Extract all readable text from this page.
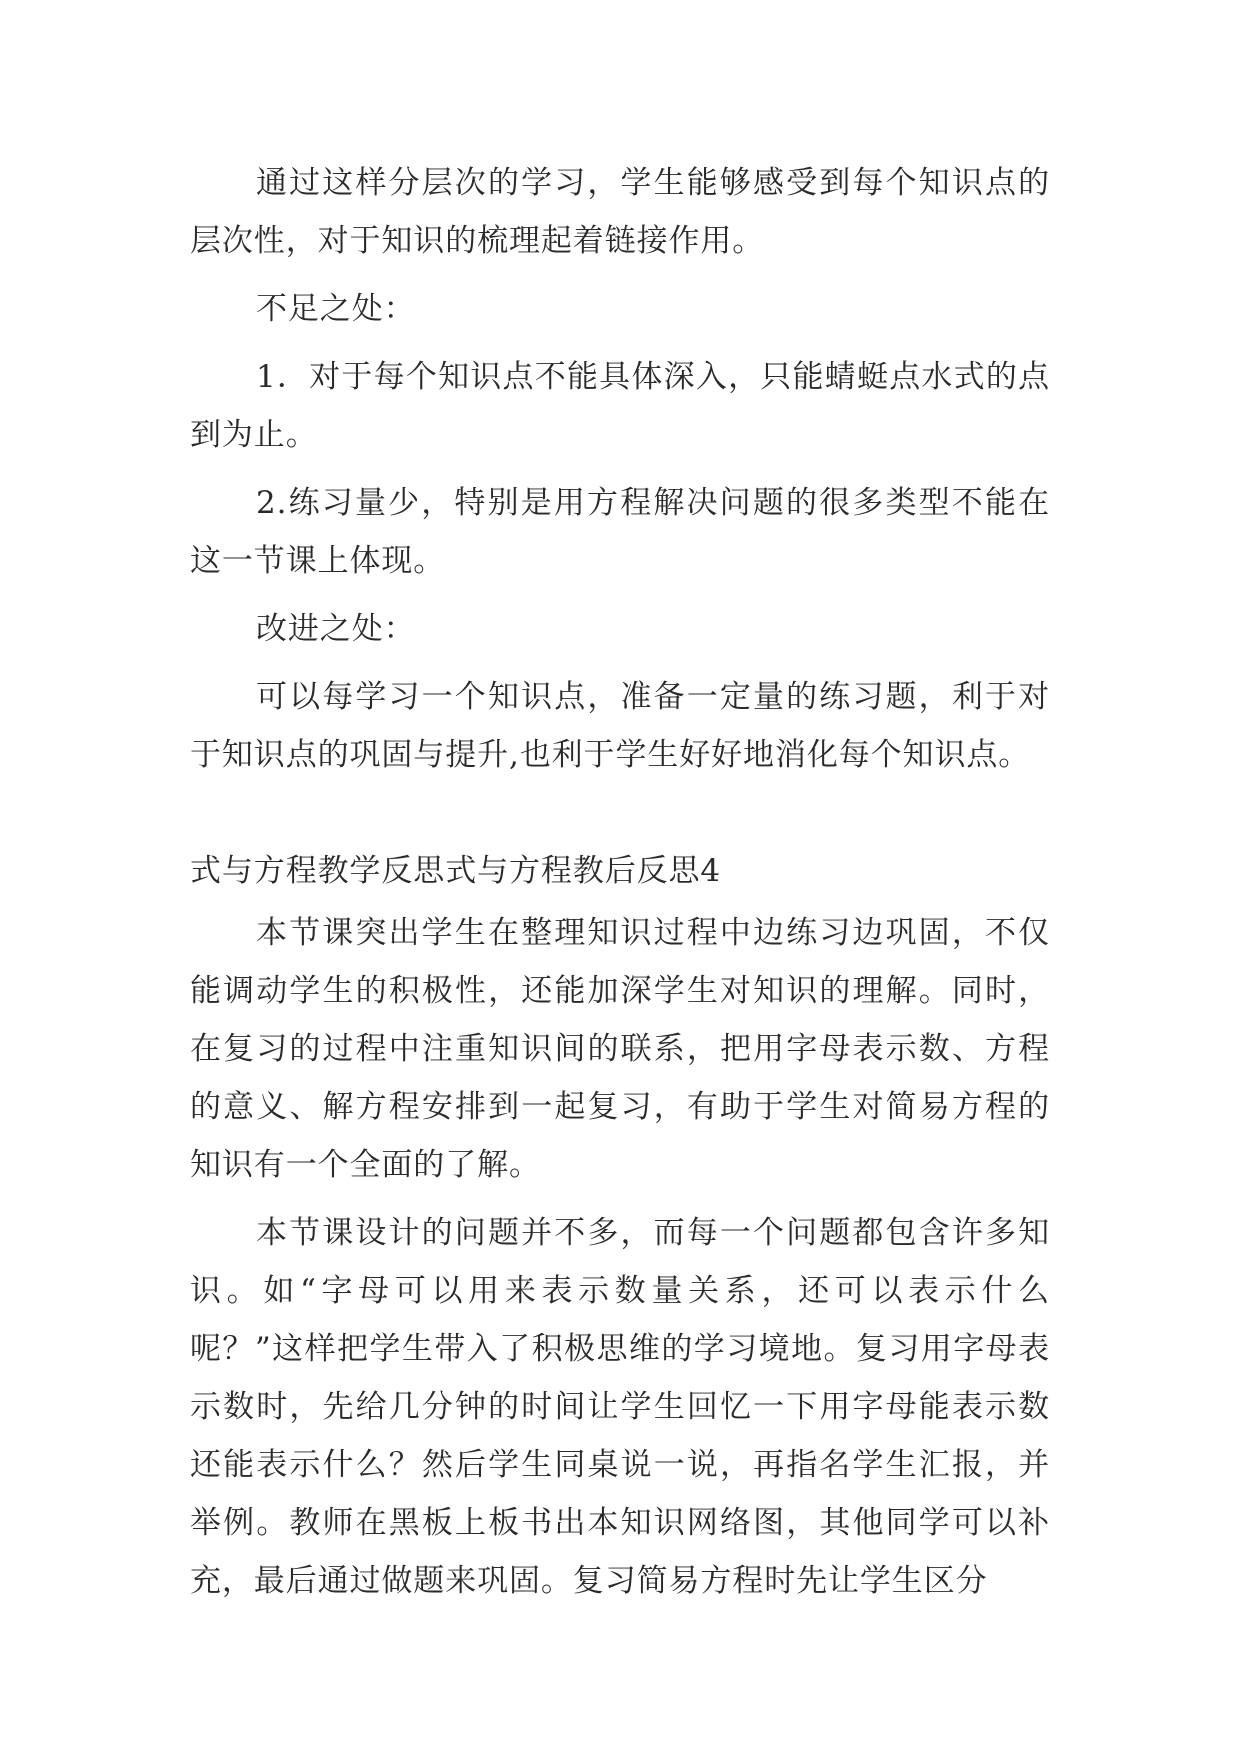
通过这样分层次的学习，学生能够感受到每个知识点的层次性，对于知识的梳理起着链接作用。

不足之处：

1．对于每个知识点不能具体深入，只能蜻蜓点水式的点到为止。

2.练习量少，特别是用方程解决问题的很多类型不能在这一节课上体现。

改进之处：

可以每学习一个知识点，准备一定量的练习题，利于对于知识点的巩固与提升,也利于学生好好地消化每个知识点。

式与方程教学反思式与方程教后反思4

本节课突出学生在整理知识过程中边练习边巩固，不仅能调动学生的积极性，还能加深学生对知识的理解。同时，在复习的过程中注重知识间的联系，把用字母表示数、方程的意义、解方程安排到一起复习，有助于学生对简易方程的知识有一个全面的了解。

本节课设计的问题并不多，而每一个问题都包含许多知识。如“字母可以用来表示数量关系，还可以表示什么呢？”这样把学生带入了积极思维的学习境地。复习用字母表示数时，先给几分钟的时间让学生回忆一下用字母能表示数还能表示什么？然后学生同桌说一说，再指名学生汇报，并举例。教师在黑板上板书出本知识网络图，其他同学可以补充，最后通过做题来巩固。复习简易方程时先让学生区分
